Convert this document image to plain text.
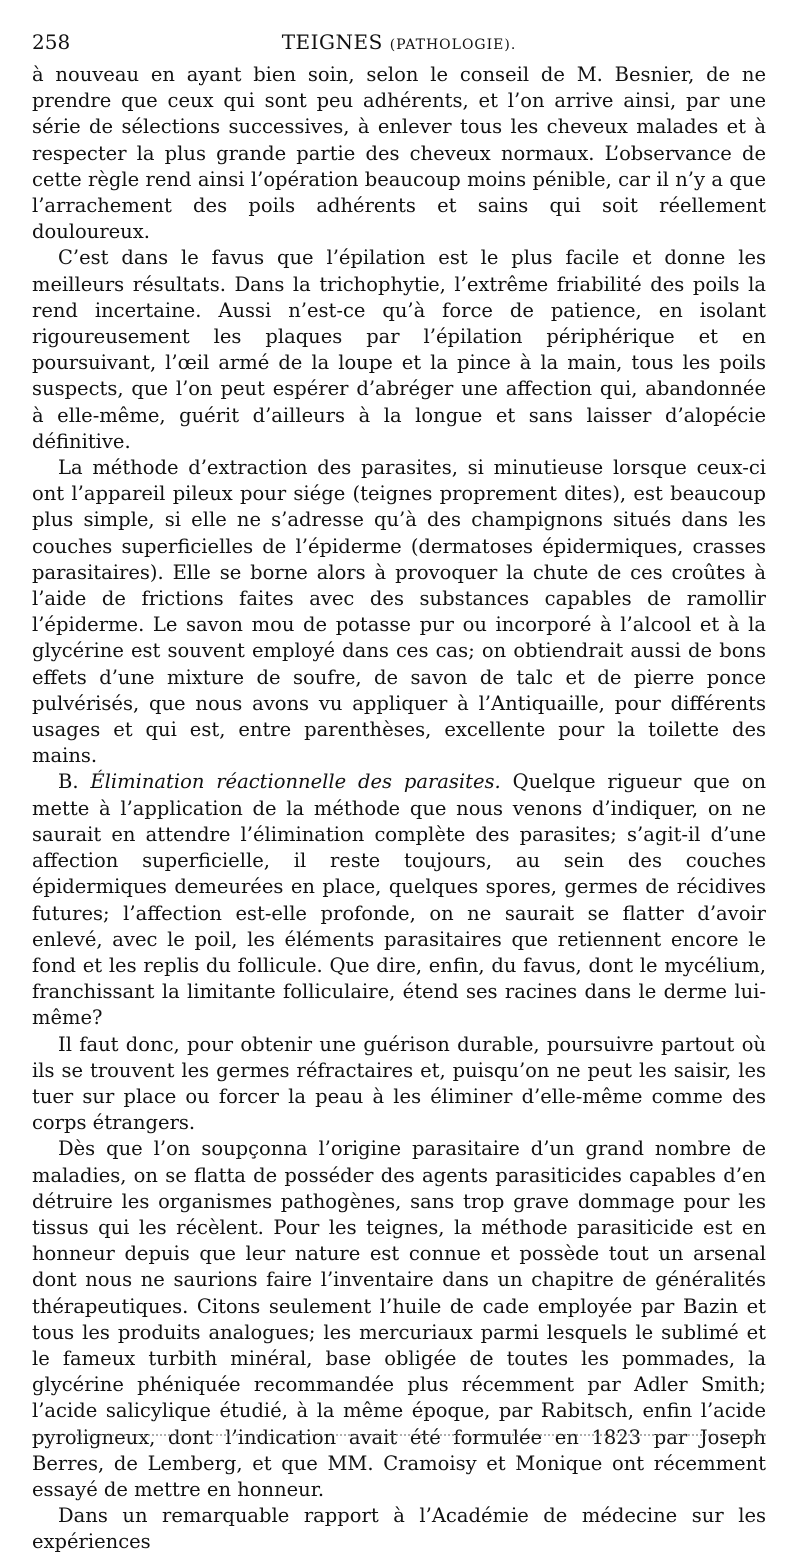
258	TEIGNES (PATHOLOGIE).

à nouveau en ayant bien soin, selon le conseil de M. Besnier, de ne prendre que ceux qui sont peu adhérents, et l’on arrive ainsi, par une série de sélections successives, à enlever tous les cheveux malades et à respecter la plus grande partie des cheveux normaux. L’observance de cette règle rend ainsi l’opération beaucoup moins pénible, car il n’y a que l’arrachement des poils adhérents et sains qui soit réellement douloureux.

C’est dans le favus que l’épilation est le plus facile et donne les meilleurs résultats. Dans la trichophytie, l’extrême friabilité des poils la rend incertaine. Aussi n’est-ce qu’à force de patience, en isolant rigoureusement les plaques par l’épilation périphérique et en poursuivant, l’œil armé de la loupe et la pince à la main, tous les poils suspects, que l’on peut espérer d’abréger une affection qui, abandonnée à elle-même, guérit d’ailleurs à la longue et sans laisser d’alopécie définitive.

La méthode d’extraction des parasites, si minutieuse lorsque ceux-ci ont l’appareil pileux pour siége (teignes proprement dites), est beaucoup plus simple, si elle ne s’adresse qu’à des champignons situés dans les couches superficielles de l’épiderme (dermatoses épidermiques, crasses parasitaires). Elle se borne alors à provoquer la chute de ces croûtes à l’aide de frictions faites avec des substances capables de ramollir l’épiderme. Le savon mou de potasse pur ou incorporé à l’alcool et à la glycérine est souvent employé dans ces cas; on obtiendrait aussi de bons effets d’une mixture de soufre, de savon de talc et de pierre ponce pulvérisés, que nous avons vu appliquer à l’Antiquaille, pour différents usages et qui est, entre parenthèses, excellente pour la toilette des mains.

B. Élimination réactionnelle des parasites. Quelque rigueur que on mette à l’application de la méthode que nous venons d’indiquer, on ne saurait en attendre l’élimination complète des parasites; s’agit-il d’une affection superficielle, il reste toujours, au sein des couches épidermiques demeurées en place, quelques spores, germes de récidives futures; l’affection est-elle profonde, on ne saurait se flatter d’avoir enlevé, avec le poil, les éléments parasitaires que retiennent encore le fond et les replis du follicule. Que dire, enfin, du favus, dont le mycélium, franchissant la limitante folliculaire, étend ses racines dans le derme lui-même?

Il faut donc, pour obtenir une guérison durable, poursuivre partout où ils se trouvent les germes réfractaires et, puisqu’on ne peut les saisir, les tuer sur place ou forcer la peau à les éliminer d’elle-même comme des corps étrangers.

Dès que l’on soupçonna l’origine parasitaire d’un grand nombre de maladies, on se flatta de posséder des agents parasiticides capables d’en détruire les organismes pathogènes, sans trop grave dommage pour les tissus qui les récèlent. Pour les teignes, la méthode parasiticide est en honneur depuis que leur nature est connue et possède tout un arsenal dont nous ne saurions faire l’inventaire dans un chapitre de généralités thérapeutiques. Citons seulement l’huile de cade employée par Bazin et tous les produits analogues; les mercuriaux parmi lesquels le sublimé et le fameux turbith minéral, base obligée de toutes les pommades, la glycérine phéniquée recommandée plus récemment par Adler Smith; l’acide salicylique étudié, à la même époque, par Rabitsch, enfin l’acide pyroligneux, dont l’indication avait été formulée en 1823 par Joseph Berres, de Lemberg, et que MM. Cramoisy et Monique ont récemment essayé de mettre en honneur.

Dans un remarquable rapport à l’Académie de médecine sur les expériences
